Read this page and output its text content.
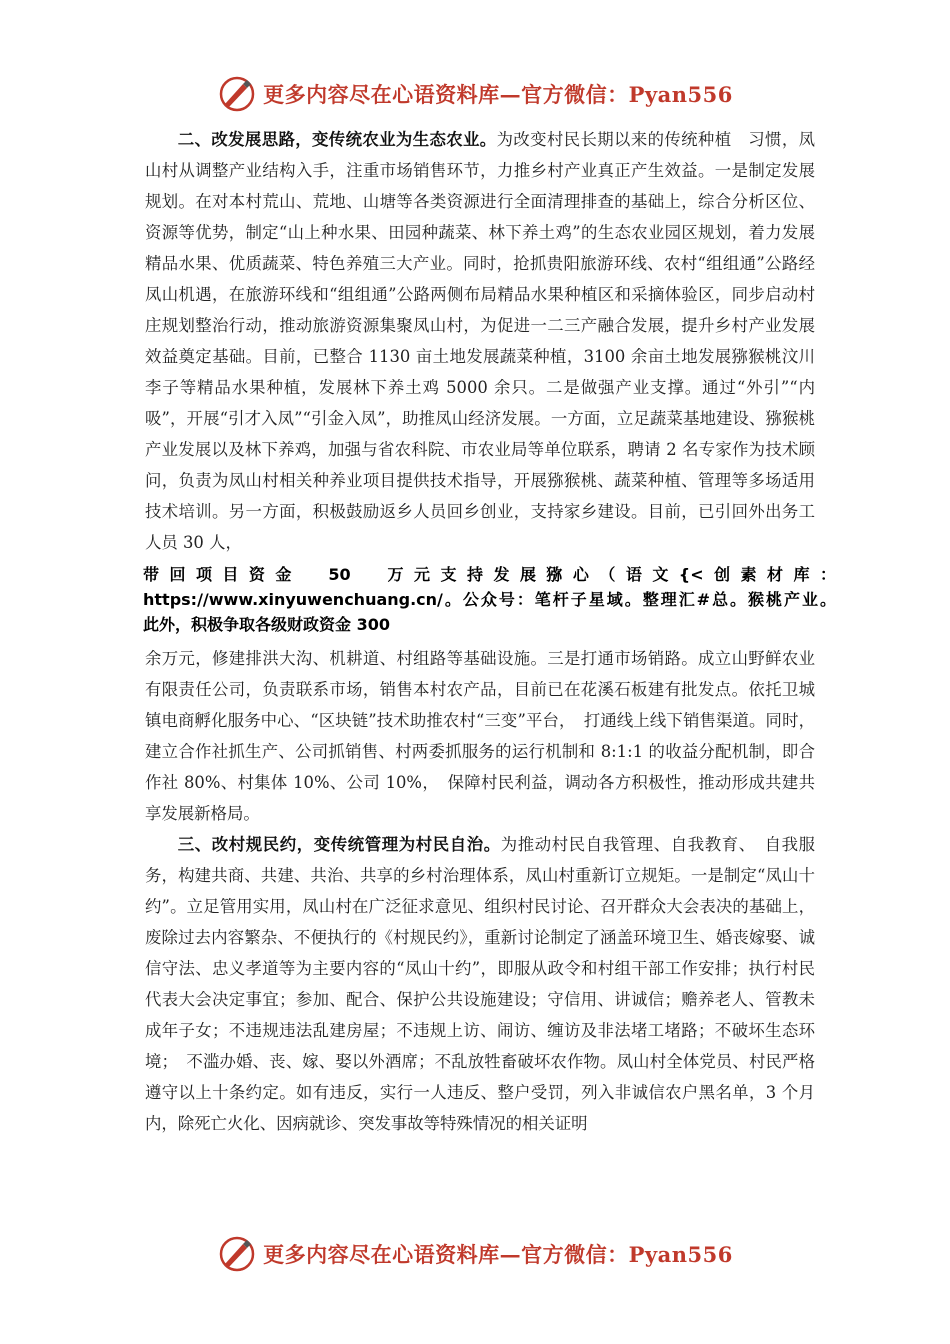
更多内容尽在心语资料库—官方微信：Pyan556

二、改发展思路，变传统农业为生态农业。为改变村民长期以来的传统种植　习惯，凤山村从调整产业结构入手，注重市场销售环节，力推乡村产业真正产生效益。一是制定发展规划。在对本村荒山、荒地、山塘等各类资源进行全面清理排查的基础上，综合分析区位、资源等优势，制定“山上种水果、田园种蔬菜、林下养土鸡”的生态农业园区规划，着力发展精品水果、优质蔬菜、特色养殖三大产业。同时，抢抓贵阳旅游环线、农村“组组通”公路经凤山机遇，在旅游环线和“组组通”公路两侧布局精品水果种植区和采摘体验区，同步启动村庄规划整治行动，推动旅游资源集聚凤山村，为促进一二三产融合发展，提升乡村产业发展效益奠定基础。目前，已整合 1130 亩土地发展蔬菜种植，3100 余亩土地发展猕猴桃汶川李子等精品水果种植，发展林下养土鸡 5000 余只。二是做强产业支撑。通过“外引”“内吸”，开展“引才入凤”“引金入凤”，助推凤山经济发展。一方面，立足蔬菜基地建设、猕猴桃产业发展以及林下养鸡，加强与省农科院、市农业局等单位联系，聘请 2 名专家作为技术顾问，负责为凤山村相关种养业项目提供技术指导，开展猕猴桃、蔬菜种植、管理等多场适用技术培训。另一方面，积极鼓励返乡人员回乡创业，支持家乡建设。目前，已引回外出务工人员 30 人，

带回项目资金　50　万元支持发展猕心（语文{<创素材库：
https://www.xinyuwenchuang.cn/。公众号：笔杆子星域。整理汇#总。猴桃产业。
此外，积极争取各级财政资金 300

余万元，修建排洪大沟、机耕道、村组路等基础设施。三是打通市场销路。成立山野鲜农业有限责任公司，负责联系市场，销售本村农产品，目前已在花溪石板建有批发点。依托卫城镇电商孵化服务中心、“区块链”技术助推农村“三变”平台，　打通线上线下销售渠道。同时，建立合作社抓生产、公司抓销售、村两委抓服务的运行机制和 8:1:1 的收益分配机制，即合作社 80%、村集体 10%、公司 10%，　保障村民利益，调动各方积极性，推动形成共建共享发展新格局。

三、改村规民约，变传统管理为村民自治。为推动村民自我管理、自我教育、　自我服务，构建共商、共建、共治、共享的乡村治理体系，凤山村重新订立规矩。一是制定“凤山十约”。立足管用实用，凤山村在广泛征求意见、组织村民讨论、召开群众大会表决的基础上，废除过去内容繁杂、不便执行的《村规民约》，重新讨论制定了涵盖环境卫生、婚丧嫁娶、诚信守法、忠义孝道等为主要内容的“凤山十约”，即服从政令和村组干部工作安排；执行村民代表大会决定事宜；参加、配合、保护公共设施建设；守信用、讲诚信；赡养老人、管教未成年子女；不违规违法乱建房屋；不违规上访、闹访、缠访及非法堵工堵路；不破坏生态环境；　不滥办婚、丧、嫁、娶以外酒席；不乱放牲畜破坏农作物。凤山村全体党员、村民严格遵守以上十条约定。如有违反，实行一人违反、整户受罚，列入非诚信农户黑名单，3 个月内，除死亡火化、因病就诊、突发事故等特殊情况的相关证明

更多内容尽在心语资料库—官方微信：Pyan556
